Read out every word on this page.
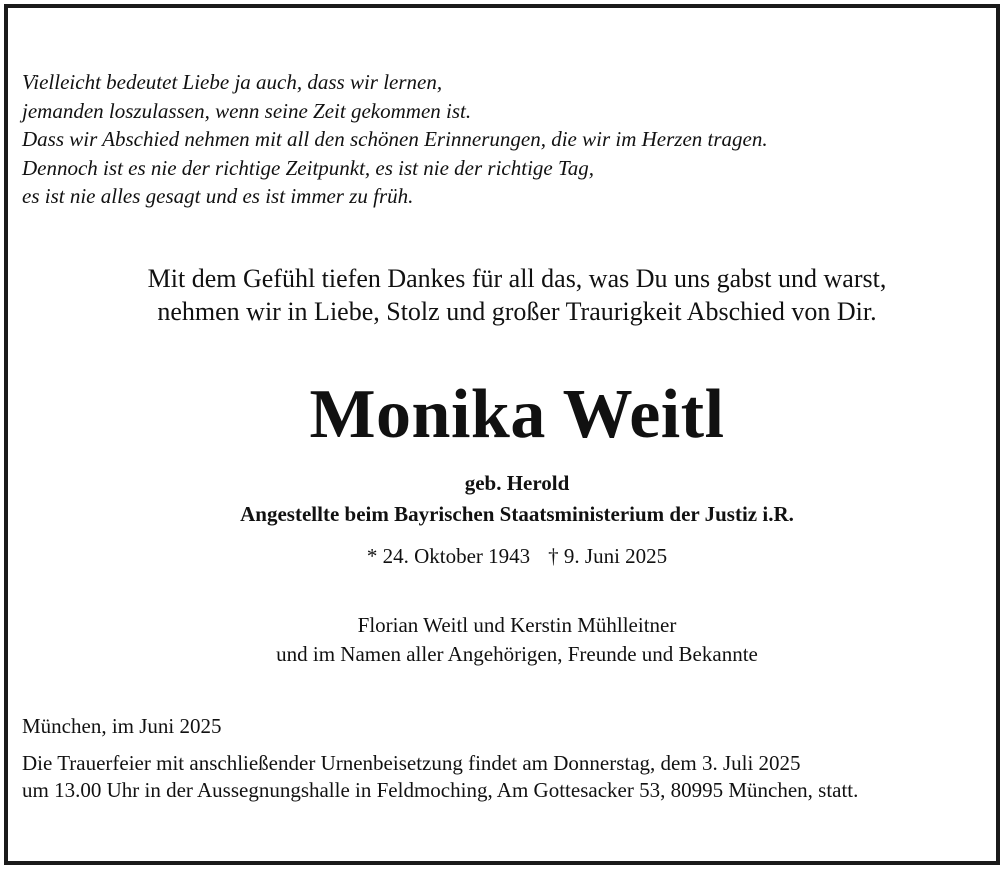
Vielleicht bedeutet Liebe ja auch, dass wir lernen,
jemanden loszulassen, wenn seine Zeit gekommen ist.
Dass wir Abschied nehmen mit all den schönen Erinnerungen, die wir im Herzen tragen.
Dennoch ist es nie der richtige Zeitpunkt, es ist nie der richtige Tag,
es ist nie alles gesagt und es ist immer zu früh.
Mit dem Gefühl tiefen Dankes für all das, was Du uns gabst und warst,
nehmen wir in Liebe, Stolz und großer Traurigkeit Abschied von Dir.
Monika Weitl
geb. Herold
Angestellte beim Bayrischen Staatsministerium der Justiz i.R.
* 24. Oktober 1943 † 9. Juni 2025
Florian Weitl und Kerstin Mühlleitner
und im Namen aller Angehörigen, Freunde und Bekannte
München, im Juni 2025
Die Trauerfeier mit anschließender Urnenbeisetzung findet am Donnerstag, dem 3. Juli 2025
um 13.00 Uhr in der Aussegnungshalle in Feldmoching, Am Gottesacker 53, 80995 München, statt.
